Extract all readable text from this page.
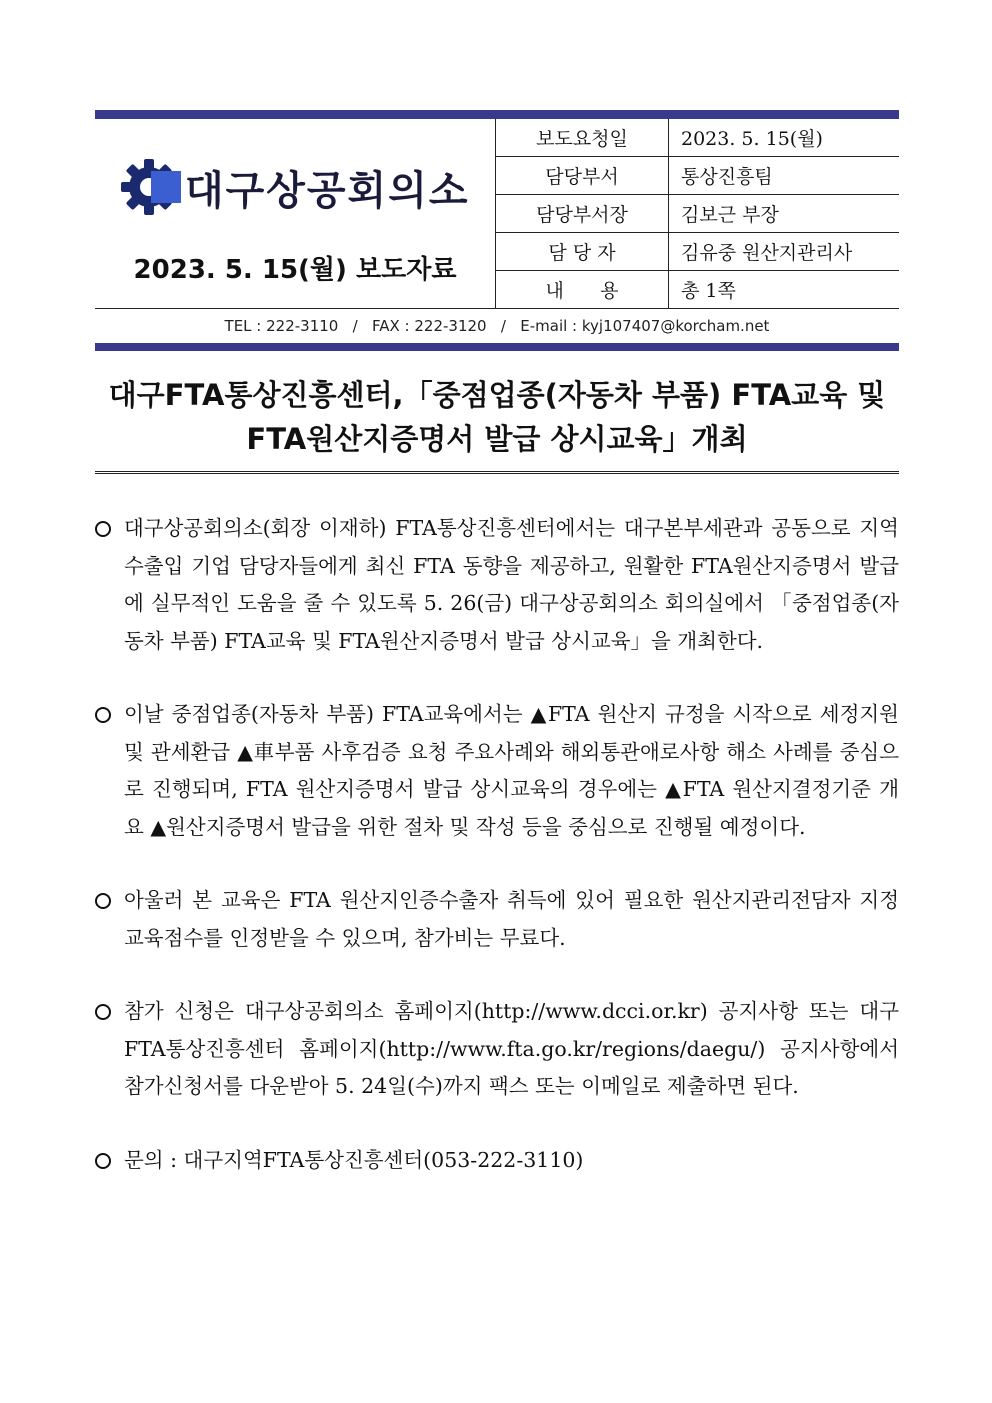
대구상공회의소
2023. 5. 15(월) 보도자료
보도요청일	2023. 5. 15(월)
담당부서	통상진흥팀
담당부서장	김보근 부장
담 당 자	김유중 원산지관리사
내      용	총 1쪽
TEL : 222-3110   /   FAX : 222-3120   /   E-mail : kyj107407@korcham.net
대구FTA통상진흥센터,「중점업종(자동차 부품) FTA교육 및
FTA원산지증명서 발급 상시교육」개최
대구상공회의소(회장 이재하) FTA통상진흥센터에서는 대구본부세관과 공동으로 지역 수출입 기업 담당자들에게 최신 FTA 동향을 제공하고, 원활한 FTA원산지증명서 발급에 실무적인 도움을 줄 수 있도록 5. 26(금) 대구상공회의소 회의실에서 「중점업종(자동차 부품) FTA교육 및 FTA원산지증명서 발급 상시교육」을 개최한다.
이날 중점업종(자동차 부품) FTA교육에서는 ▲FTA 원산지 규정을 시작으로 세정지원 및 관세환급 ▲車부품 사후검증 요청 주요사례와 해외통관애로사항 해소 사례를 중심으로 진행되며, FTA 원산지증명서 발급 상시교육의 경우에는 ▲FTA 원산지결정기준 개요 ▲원산지증명서 발급을 위한 절차 및 작성 등을 중심으로 진행될 예정이다.
아울러 본 교육은 FTA 원산지인증수출자 취득에 있어 필요한 원산지관리전담자 지정 교육점수를 인정받을 수 있으며, 참가비는 무료다.
참가 신청은 대구상공회의소 홈페이지(http://www.dcci.or.kr) 공지사항 또는 대구FTA통상진흥센터 홈페이지(http://www.fta.go.kr/regions/daegu/) 공지사항에서 참가신청서를 다운받아 5. 24일(수)까지 팩스 또는 이메일로 제출하면 된다.
문의 : 대구지역FTA통상진흥센터(053-222-3110)
